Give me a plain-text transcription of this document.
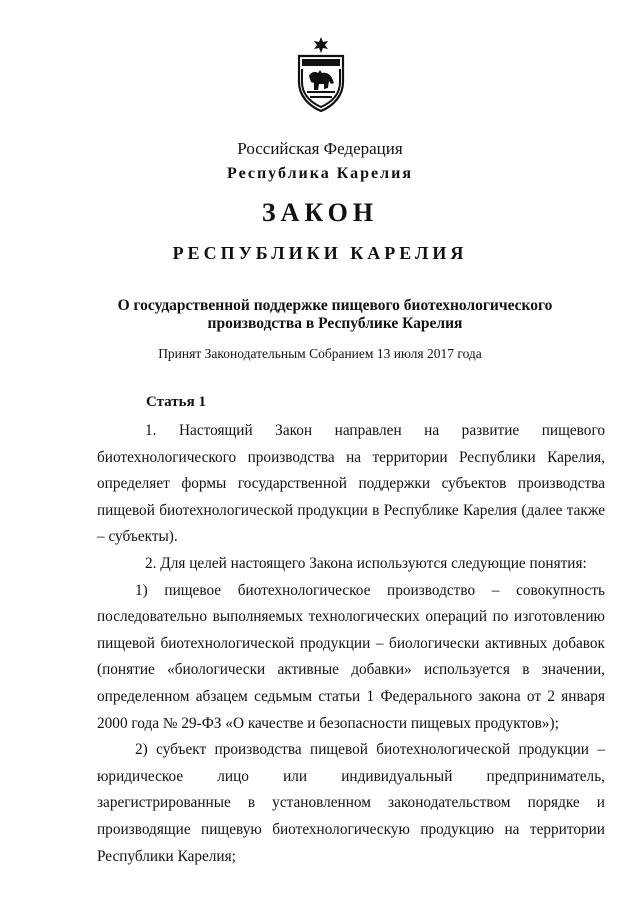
Российская Федерация
Республика Карелия
ЗАКОН
РЕСПУБЛИКИ КАРЕЛИЯ
О государственной поддержке пищевого биотехнологического производства в Республике Карелия
Принят Законодательным Собранием 13 июля 2017 года
Статья 1

1. Настоящий Закон направлен на развитие пищевого биотехнологического производства на территории Республики Карелия, определяет формы государственной поддержки субъектов производства пищевой биотехнологической продукции в Республике Карелия (далее также – субъекты).

2. Для целей настоящего Закона используются следующие понятия:

1) пищевое биотехнологическое производство – совокупность последовательно выполняемых технологических операций по изготовлению пищевой биотехнологической продукции – биологически активных добавок (понятие «биологически активные добавки» используется в значении, определенном абзацем седьмым статьи 1 Федерального закона от 2 января 2000 года № 29-ФЗ «О качестве и безопасности пищевых продуктов»);

2) субъект производства пищевой биотехнологической продукции – юридическое лицо или индивидуальный предприниматель, зарегистрированные в установленном законодательством порядке и производящие пищевую биотехнологическую продукцию на территории Республики Карелия;
